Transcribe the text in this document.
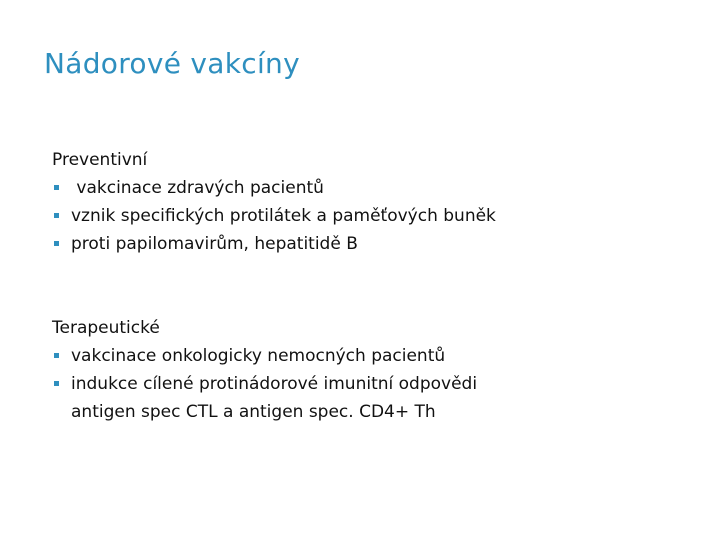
Nádorové vakcíny

Preventivní

vakcinace zdravých pacientů
vznik specifických protilátek a paměťových buněk
proti papilomavirům, hepatitidě B

Terapeutické

vakcinace onkologicky nemocných pacientů
indukce cílené protinádorové imunitní odpovědi
antigen spec CTL a antigen spec. CD4+ Th
